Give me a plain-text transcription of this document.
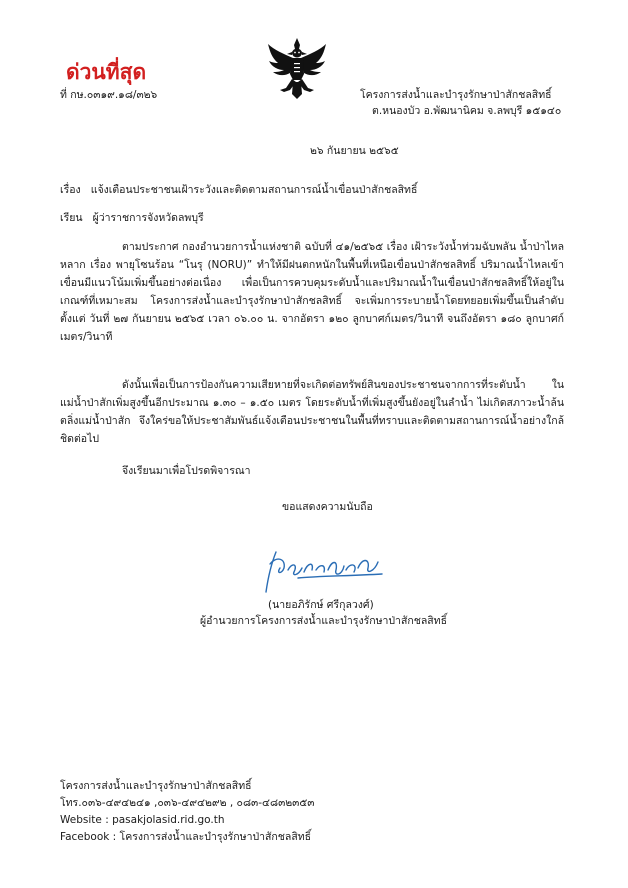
ด่วนที่สุด
ที่ กษ.๐๓๑๙.๑๘/๓๒๖	โครงการส่งน้ำและบำรุงรักษาป่าสักชลสิทธิ์
ต.หนองบัว อ.พัฒนานิคม จ.ลพบุรี ๑๕๑๔๐
๒๖ กันยายน ๒๕๖๕
เรื่อง แจ้งเตือนประชาชนเฝ้าระวังและติดตามสถานการณ์น้ำเขื่อนป่าสักชลสิทธิ์
เรียน ผู้ว่าราชการจังหวัดลพบุรี
ตามประกาศ กองอำนวยการน้ำแห่งชาติ ฉบับที่ ๔๑/๒๕๖๕ เรื่อง เฝ้าระวังน้ำท่วมฉับพลัน น้ำป่าไหลหลาก เรื่อง พายุโซนร้อน “โนรุ (NORU)” ทำให้มีฝนตกหนักในพื้นที่เหนือเขื่อนป่าสักชลสิทธิ์ ปริมาณน้ำไหลเข้าเขื่อนมีแนวโน้มเพิ่มขึ้นอย่างต่อเนื่อง เพื่อเป็นการควบคุมระดับน้ำและปริมาณน้ำในเขื่อนป่าสักชลสิทธิ์ให้อยู่ในเกณฑ์ที่เหมาะสม โครงการส่งน้ำและบำรุงรักษาป่าสักชลสิทธิ์ จะเพิ่มการระบายน้ำโดยทยอยเพิ่มขึ้นเป็นลำดับ ตั้งแต่ วันที่ ๒๗ กันยายน ๒๕๖๕ เวลา ๐๖.๐๐ น. จากอัตรา ๑๒๐ ลูกบาศก์เมตร/วินาที จนถึงอัตรา ๑๘๐ ลูกบาศก์เมตร/วินาที
ดังนั้นเพื่อเป็นการป้องกันความเสียหายที่จะเกิดต่อทรัพย์สินของประชาชนจากการที่ระดับน้ำ ในแม่น้ำป่าสักเพิ่มสูงขึ้นอีกประมาณ ๑.๓๐ – ๑.๕๐ เมตร โดยระดับน้ำที่เพิ่มสูงขึ้นยังอยู่ในลำน้ำ ไม่เกิดสภาวะน้ำล้นตลิ่งแม่น้ำป่าสัก จึงใคร่ขอให้ประชาสัมพันธ์แจ้งเตือนประชาชนในพื้นที่ทราบและติดตามสถานการณ์น้ำอย่างใกล้ชิดต่อไป
จึงเรียนมาเพื่อโปรดพิจารณา
ขอแสดงความนับถือ
(นายอภิรักษ์ ศรีกุลวงศ์)
ผู้อำนวยการโครงการส่งน้ำและบำรุงรักษาป่าสักชลสิทธิ์
โครงการส่งน้ำและบำรุงรักษาป่าสักชลสิทธิ์
โทร.๐๓๖-๔๙๔๒๔๑ ,๐๓๖-๔๙๔๒๙๒ , ๐๘๓-๔๘๓๒๓๕๓
Website : pasakjolasid.rid.go.th
Facebook : โครงการส่งน้ำและบำรุงรักษาป่าสักชลสิทธิ์
